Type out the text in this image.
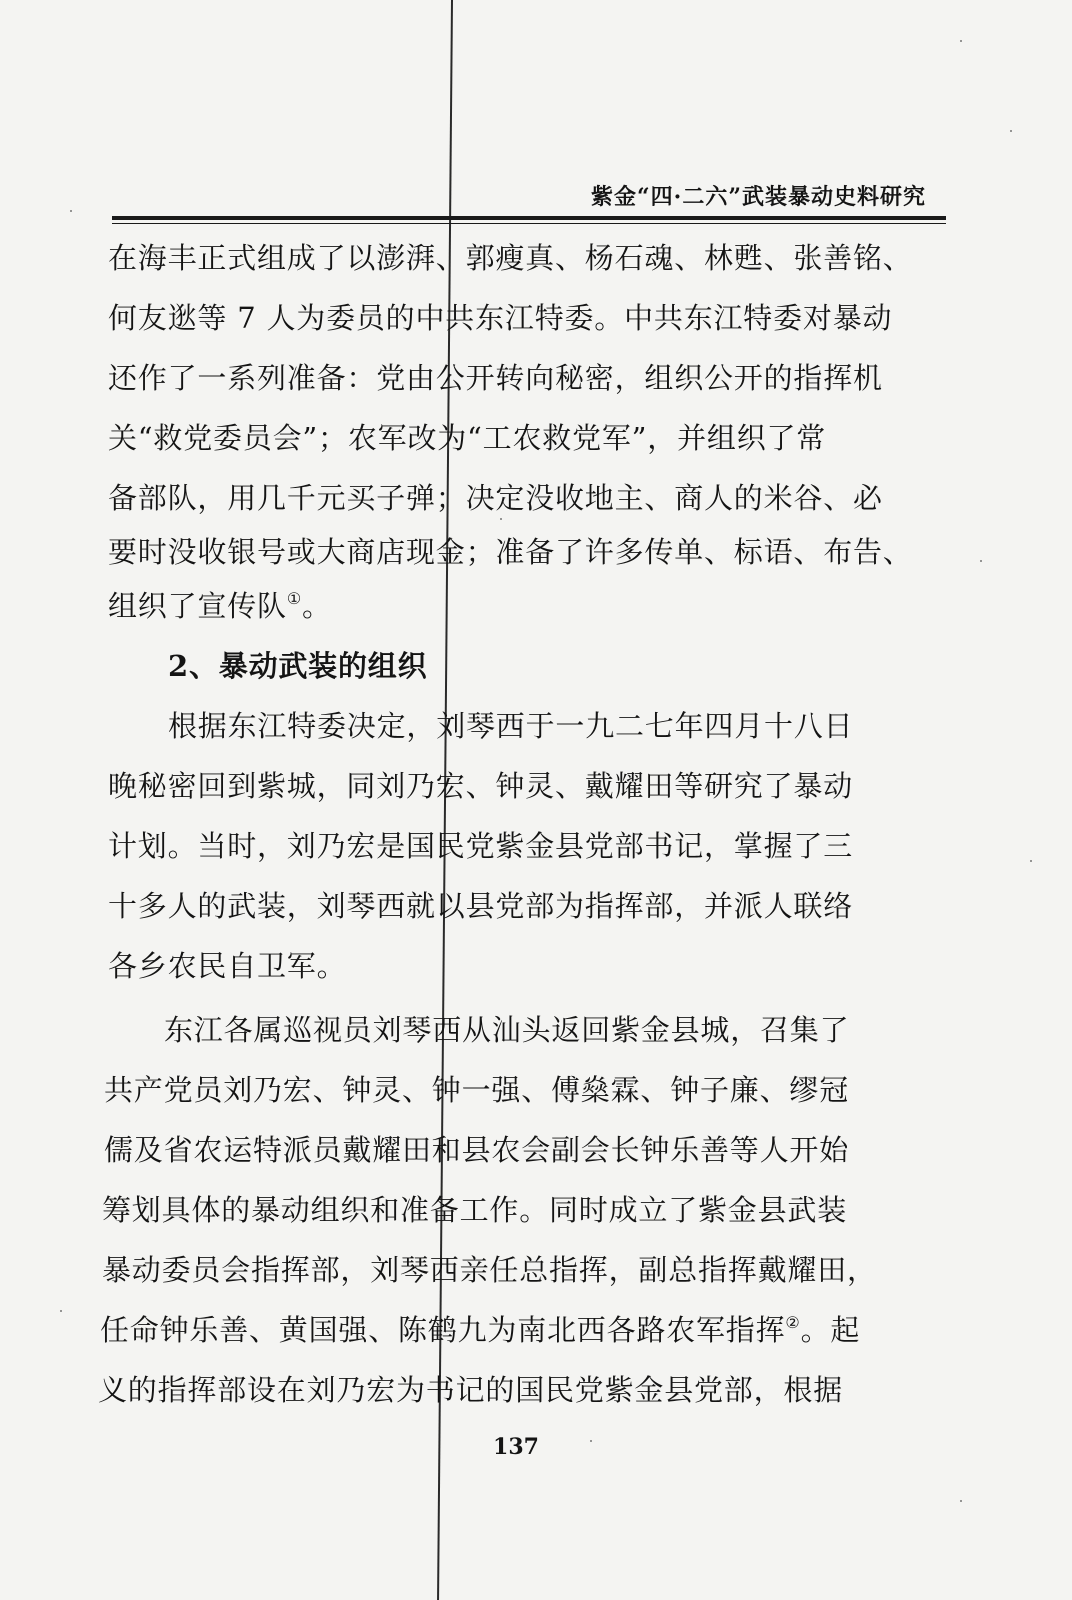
紫金“四·二六”武装暴动史料研究
在海丰正式组成了以澎湃、郭瘦真、杨石魂、林甦、张善铭、
何友逖等 7 人为委员的中共东江特委。中共东江特委对暴动
还作了一系列准备：党由公开转向秘密，组织公开的指挥机
关“救党委员会”；农军改为“工农救党军”，并组织了常
备部队，用几千元买子弹；决定没收地主、商人的米谷、必
要时没收银号或大商店现金；准备了许多传单、标语、布告、
组织了宣传队①。
2、暴动武装的组织
根据东江特委决定，刘琴西于一九二七年四月十八日
晚秘密回到紫城，同刘乃宏、钟灵、戴耀田等研究了暴动
计划。当时，刘乃宏是国民党紫金县党部书记，掌握了三
十多人的武装，刘琴西就以县党部为指挥部，并派人联络
各乡农民自卫军。
东江各属巡视员刘琴西从汕头返回紫金县城，召集了
共产党员刘乃宏、钟灵、钟一强、傅燊霖、钟子廉、缪冠
儒及省农运特派员戴耀田和县农会副会长钟乐善等人开始
筹划具体的暴动组织和准备工作。同时成立了紫金县武装
暴动委员会指挥部，刘琴西亲任总指挥，副总指挥戴耀田，
任命钟乐善、黄国强、陈鹤九为南北西各路农军指挥②。起
义的指挥部设在刘乃宏为书记的国民党紫金县党部，根据
137
